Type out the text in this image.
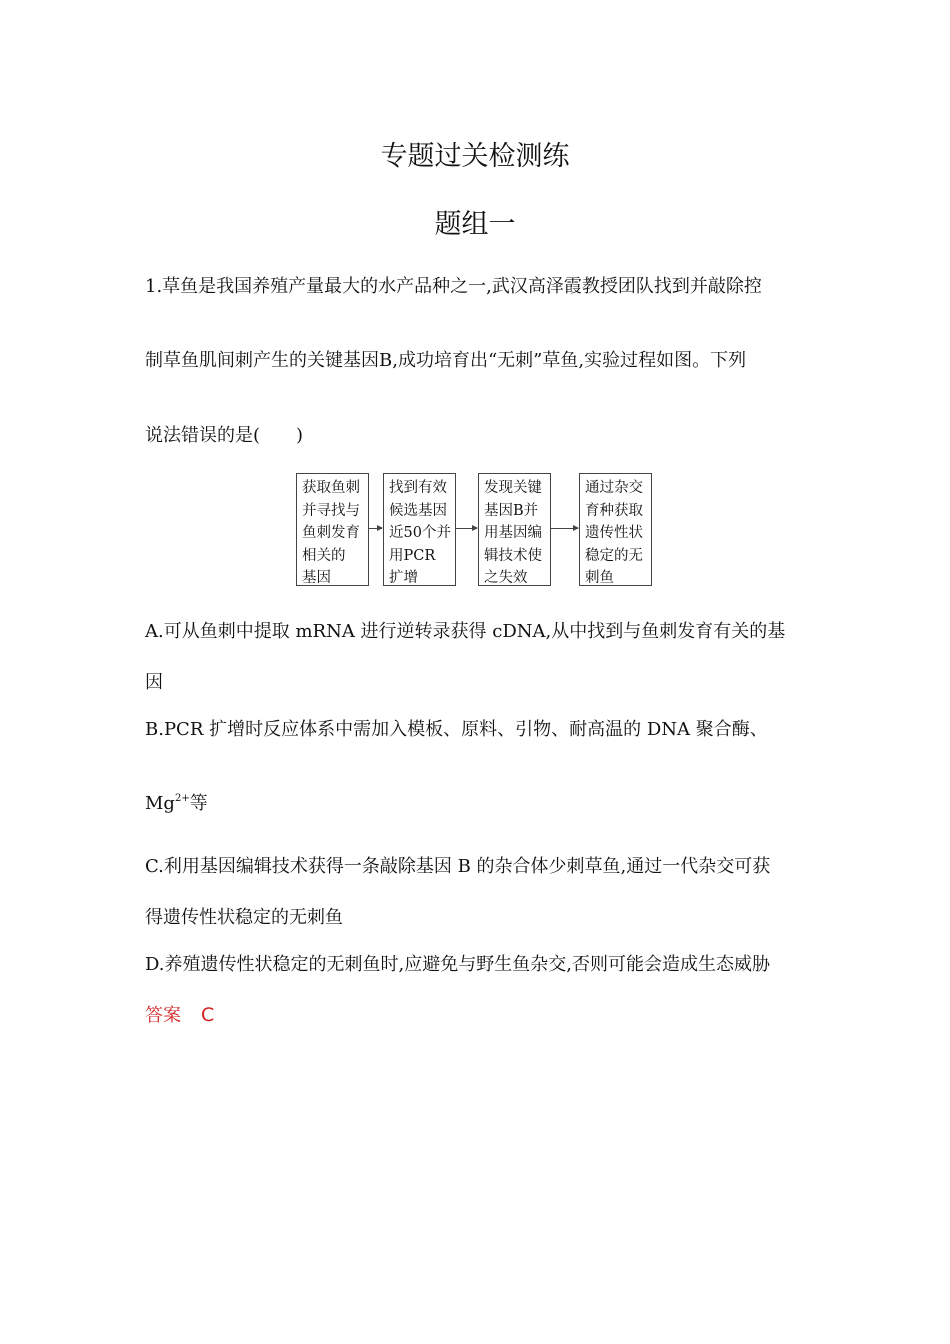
专题过关检测练
题组一
1.草鱼是我国养殖产量最大的水产品种之一,武汉高泽霞教授团队找到并敲除控
制草鱼肌间刺产生的关键基因B,成功培育出“无刺”草鱼,实验过程如图。下列
说法错误的是(　　)
获取鱼刺
并寻找与
鱼刺发育
相关的
基因
找到有效
候选基因
近50个并
用PCR
扩增
发现关键
基因B并
用基因编
辑技术使
之失效
通过杂交
育种获取
遗传性状
稳定的无
刺鱼
A.可从鱼刺中提取 mRNA 进行逆转录获得 cDNA,从中找到与鱼刺发育有关的基
因
B.PCR 扩增时反应体系中需加入模板、原料、引物、耐高温的 DNA 聚合酶、
$Mg^{2+}$等
C.利用基因编辑技术获得一条敲除基因 B 的杂合体少刺草鱼,通过一代杂交可获
得遗传性状稳定的无刺鱼
D.养殖遗传性状稳定的无刺鱼时,应避免与野生鱼杂交,否则可能会造成生态威胁
答案 C
